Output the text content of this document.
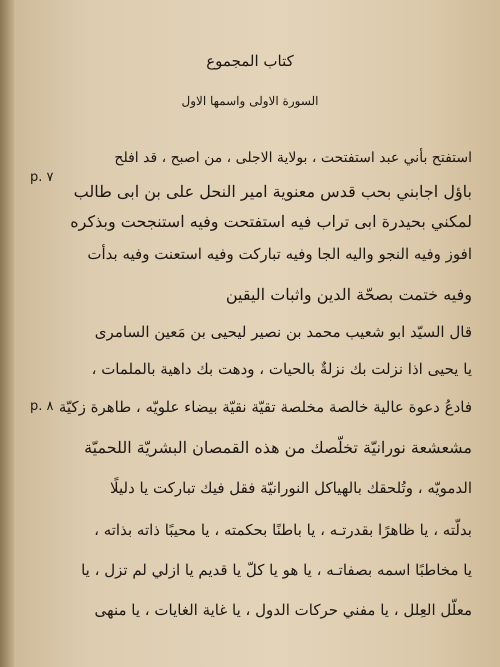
كتاب المجموع
السورة الاولى واسمها الاول
p. ٧
p. ٨
استفتح بأني عبد استفتحت ، بولاية الاجلى ، من اصبح ، قد افلح
باؤل اجابني بحب قدس معنوية امير النحل على بن ابى طالب
لمكني بحيدرة ابى تراب فيه استفتحت وفيه استنجحت وبذكره
افوز وفيه النجو واليه الجا وفيه تباركت وفيه استعنت وفيه بدأت
وفيه ختمت بصحّة الدين واثبات اليقين
قال السيّد ابو شعيب محمد بن نصير ليحيى بن مَعين السامرى
يا يحيى اذا نزلت بك نزلةٌ بالحيات ، ودهت بك داهية بالملمات ،
فادعُ دعوة عالية خالصة مخلصة تقيّة نقيّة بيضاء علويّه ، طاهرة زكيّة
مشعشعة نورانيّة تخلّصك من هذه القمصان البشريّة اللحميّة
الدمويّه ، وتُلحقك بالهياكل النورانيّة فقل فيك تباركت يا دليلًا
بدلّته ، يا ظاهرًا بقدرتـه ، يا باطنًا بحكمته ، يا محيبًا ذاته بذاته ،
يا مخاطبًا اسمه بصفاتـه ، يا هو يا كلّ يا قديم يا ازلي لم تزل ، يا
معلّل العِلل ، يا مفني حركات الدول ، يا غاية الغايات ، يا منهى
